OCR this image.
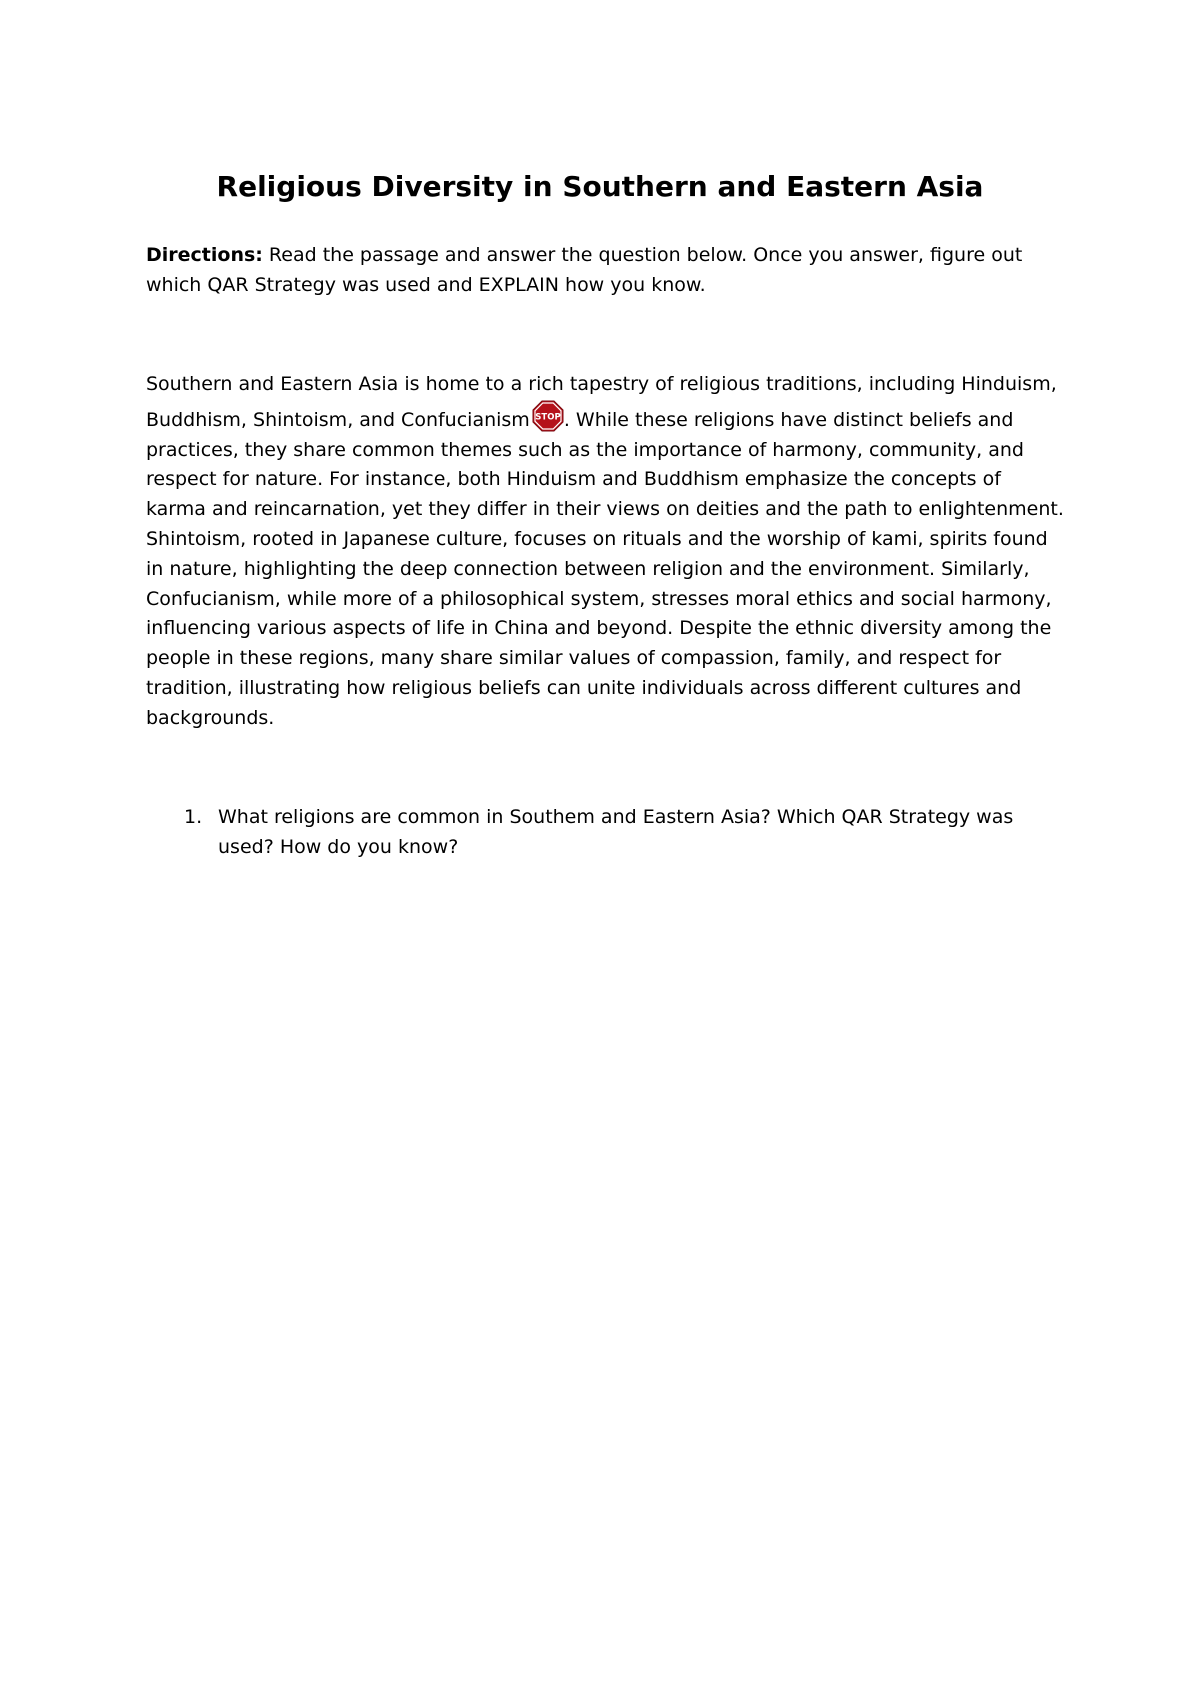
Religious Diversity in Southern and Eastern Asia

Directions: Read the passage and answer the question below. Once you answer, figure out which QAR Strategy was used and EXPLAIN how you know.

Southern and Eastern Asia is home to a rich tapestry of religious traditions, including Hinduism, Buddhism, Shintoism, and Confucianism STOP . While these religions have distinct beliefs and practices, they share common themes such as the importance of harmony, community, and respect for nature. For instance, both Hinduism and Buddhism emphasize the concepts of karma and reincarnation, yet they differ in their views on deities and the path to enlightenment. Shintoism, rooted in Japanese culture, focuses on rituals and the worship of kami, spirits found in nature, highlighting the deep connection between religion and the environment. Similarly, Confucianism, while more of a philosophical system, stresses moral ethics and social harmony, influencing various aspects of life in China and beyond. Despite the ethnic diversity among the people in these regions, many share similar values of compassion, family, and respect for tradition, illustrating how religious beliefs can unite individuals across different cultures and backgrounds.

1. What religions are common in Southem and Eastern Asia? Which QAR Strategy was used? How do you know?
